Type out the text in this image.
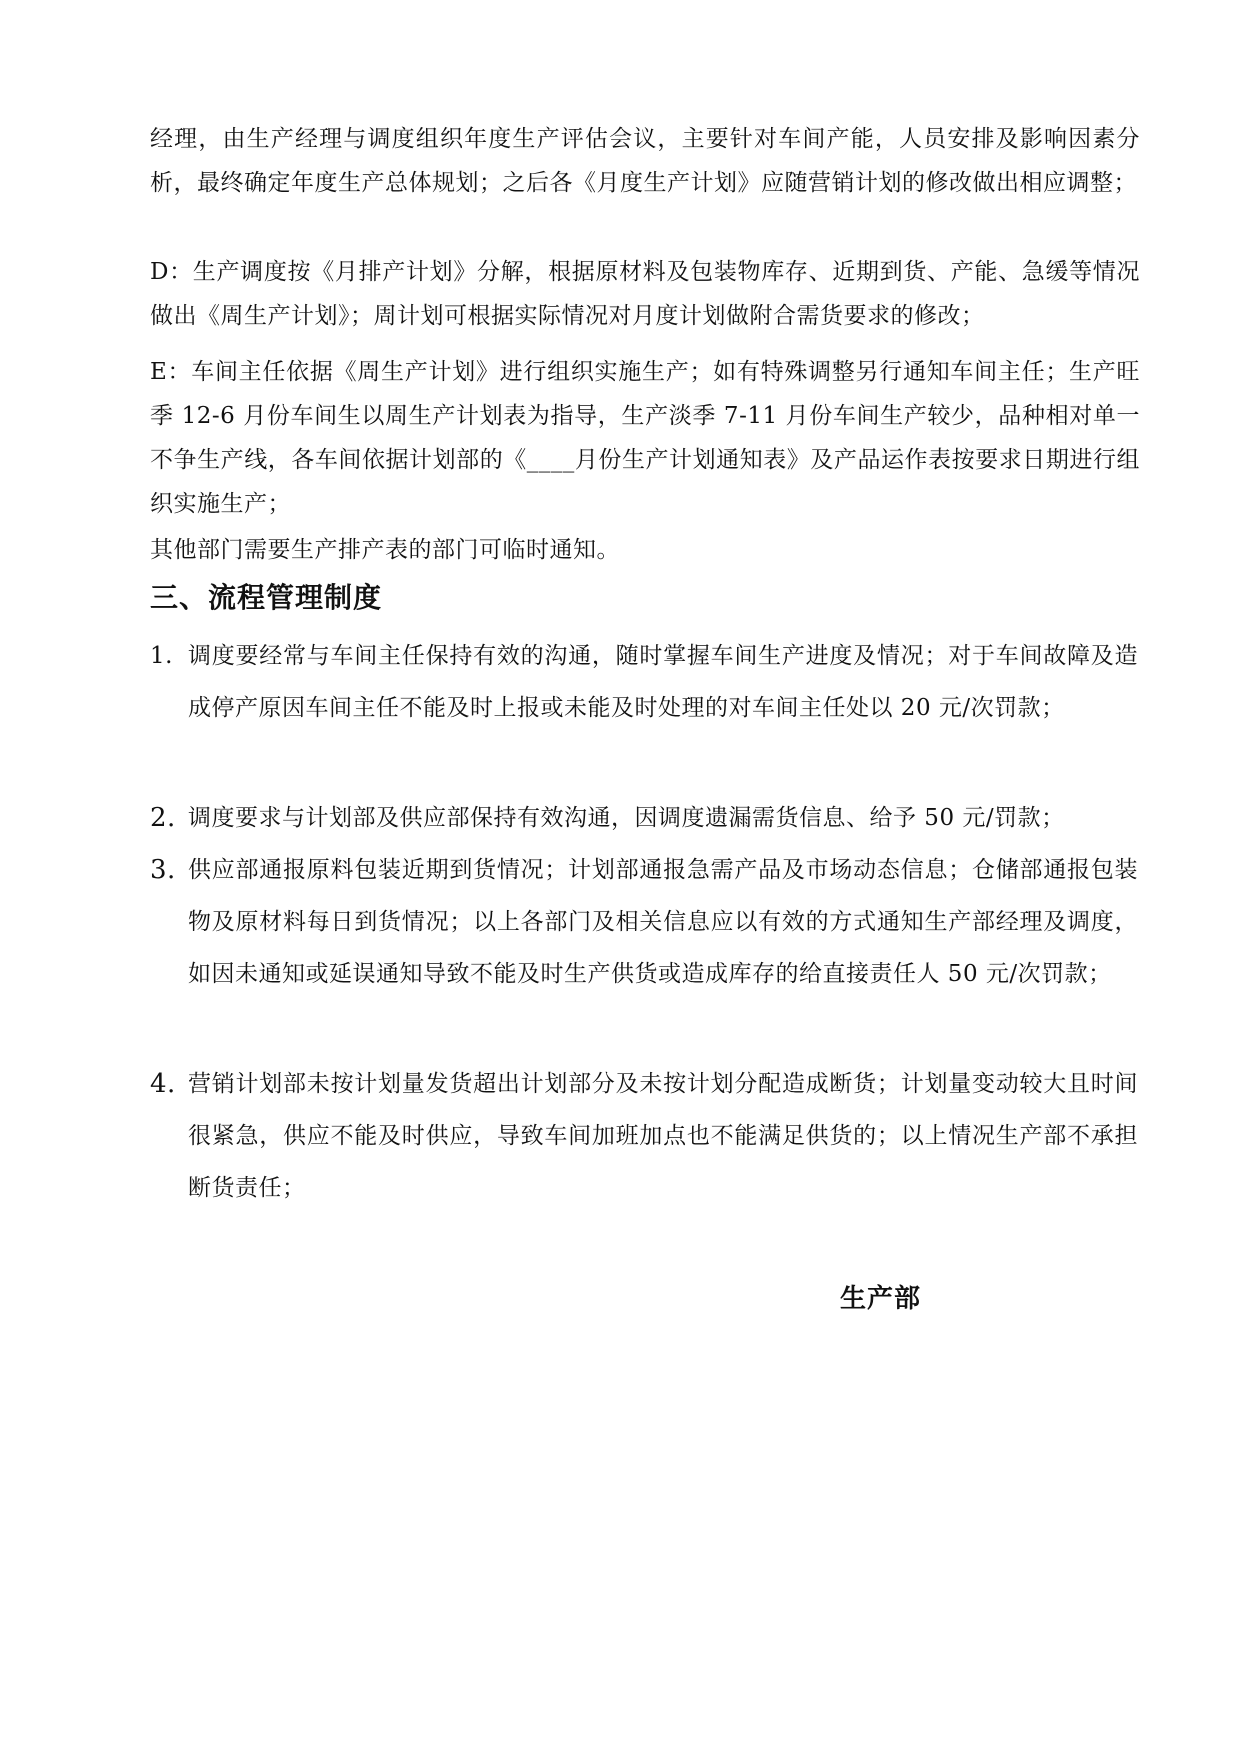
经理，由生产经理与调度组织年度生产评估会议，主要针对车间产能，人员安排及影响因素分析，最终确定年度生产总体规划；之后各《月度生产计划》应随营销计划的修改做出相应调整；

D：生产调度按《月排产计划》分解，根据原材料及包装物库存、近期到货、产能、急缓等情况做出《周生产计划》；周计划可根据实际情况对月度计划做附合需货要求的修改；

E：车间主任依据《周生产计划》进行组织实施生产；如有特殊调整另行通知车间主任；生产旺季 12-6 月份车间生以周生产计划表为指导，生产淡季 7-11 月份车间生产较少，品种相对单一不争生产线，各车间依据计划部的《____月份生产计划通知表》及产品运作表按要求日期进行组织实施生产；

其他部门需要生产排产表的部门可临时通知。

三、流程管理制度
1. 调度要经常与车间主任保持有效的沟通，随时掌握车间生产进度及情况；对于车间故障及造成停产原因车间主任不能及时上报或未能及时处理的对车间主任处以 20 元/次罚款；
2. 调度要求与计划部及供应部保持有效沟通，因调度遗漏需货信息、给予 50 元/罚款；
3. 供应部通报原料包装近期到货情况；计划部通报急需产品及市场动态信息；仓储部通报包装物及原材料每日到货情况；以上各部门及相关信息应以有效的方式通知生产部经理及调度，如因未通知或延误通知导致不能及时生产供货或造成库存的给直接责任人 50 元/次罚款；
4. 营销计划部未按计划量发货超出计划部分及未按计划分配造成断货；计划量变动较大且时间很紧急，供应不能及时供应，导致车间加班加点也不能满足供货的；以上情况生产部不承担断货责任；
生产部
